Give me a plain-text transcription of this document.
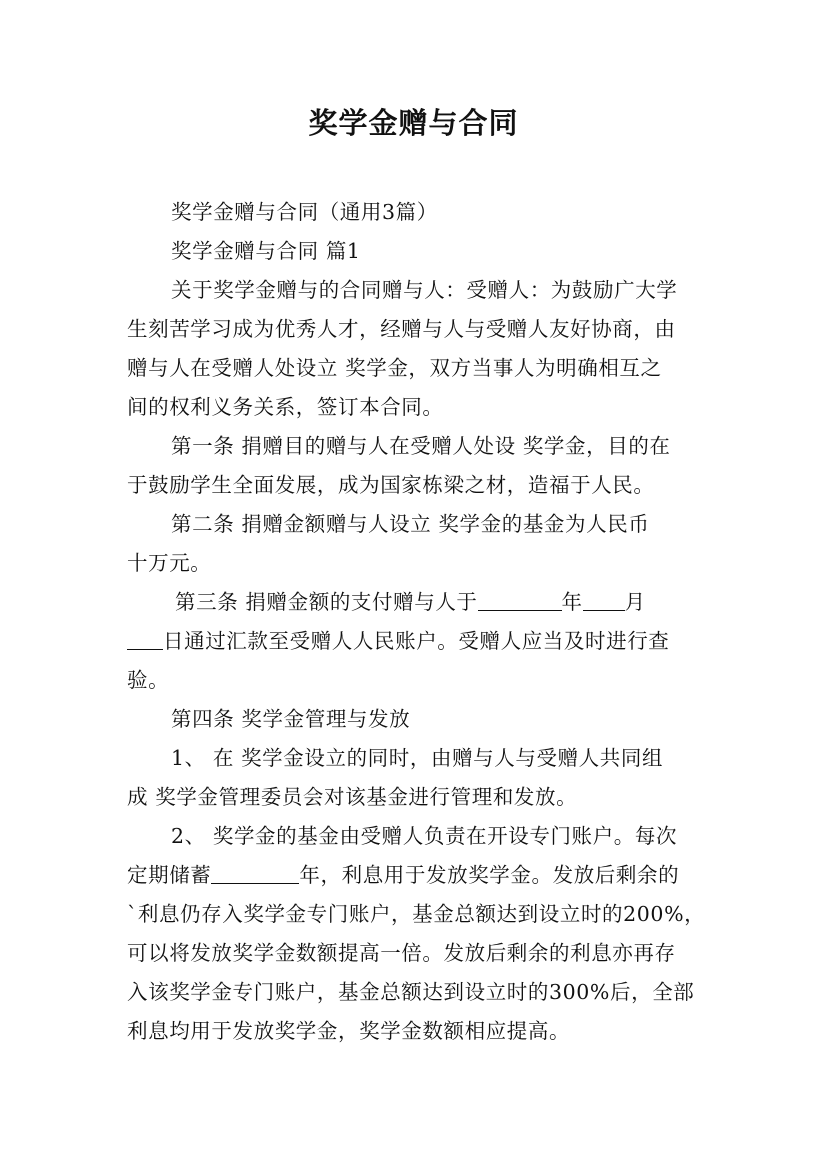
奖学金赠与合同
奖学金赠与合同（通用3篇）
奖学金赠与合同 篇1
关于奖学金赠与的合同赠与人：受赠人：为鼓励广大学
生刻苦学习成为优秀人才，经赠与人与受赠人友好协商，由
赠与人在受赠人处设立 奖学金，双方当事人为明确相互之
间的权利义务关系，签订本合同。
第一条 捐赠目的赠与人在受赠人处设 奖学金，目的在
于鼓励学生全面发展，成为国家栋梁之材，造福于人民。
第二条 捐赠金额赠与人设立 奖学金的基金为人民币
十万元。
第三条 捐赠金额的支付赠与人于	年 月
日通过汇款至受赠人人民账户。受赠人应当及时进行查
验。
第四条 奖学金管理与发放
1、 在 奖学金设立的同时，由赠与人与受赠人共同组
成 奖学金管理委员会对该基金进行管理和发放。
2、 奖学金的基金由受赠人负责在开设专门账户。每次
定期储蓄	年，利息用于发放奖学金。发放后剩余的
`利息仍存入奖学金专门账户，基金总额达到设立时的200%，
可以将发放奖学金数额提高一倍。发放后剩余的利息亦再存
入该奖学金专门账户，基金总额达到设立时的300%后，全部
利息均用于发放奖学金，奖学金数额相应提高。
